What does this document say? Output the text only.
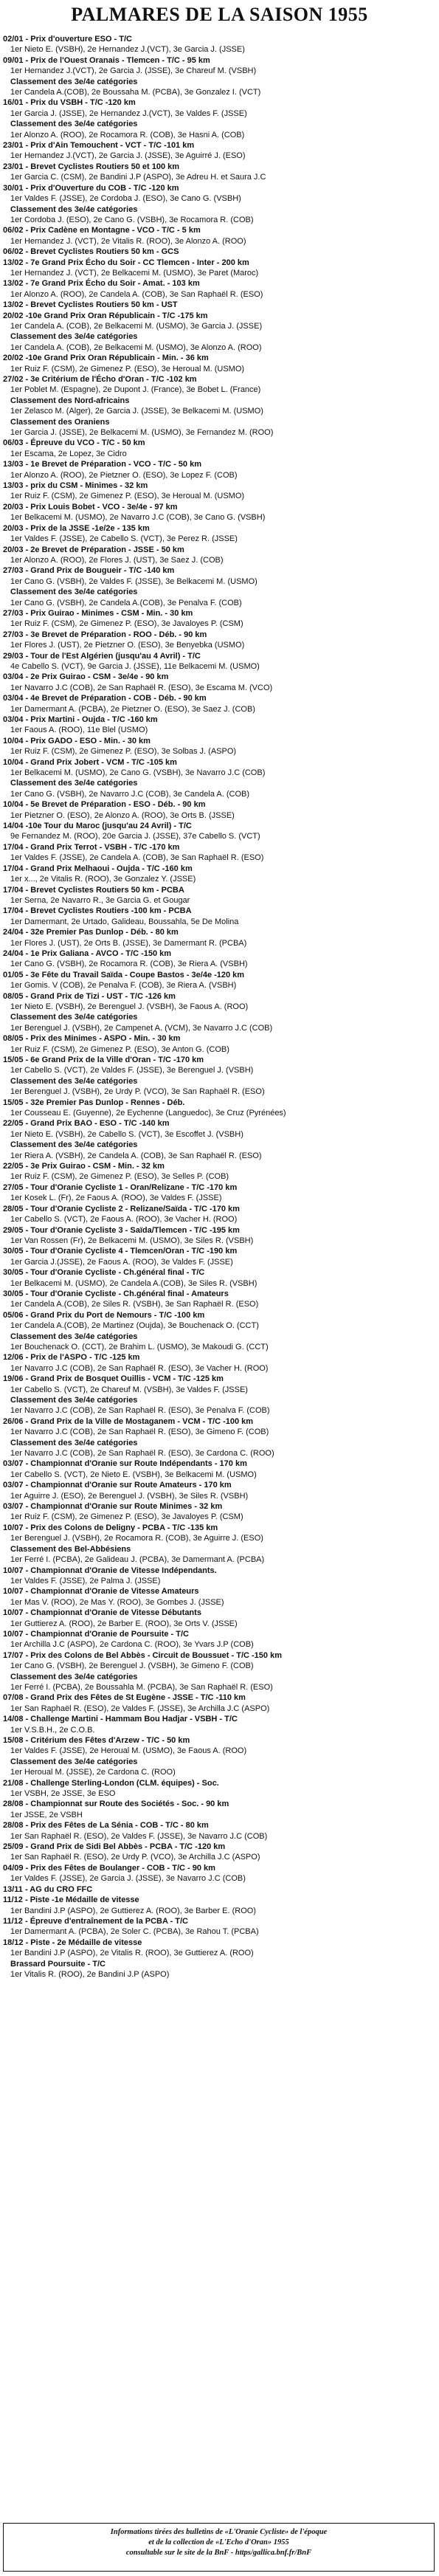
PALMARES DE LA SAISON 1955
02/01 - Prix d'ouverture ESO - T/C
1er Nieto E. (VSBH), 2e Hernandez J.(VCT), 3e Garcia J. (JSSE)
09/01 - Prix de l'Ouest Oranais - Tlemcen - T/C - 95 km
1er Hernandez J.(VCT), 2e Garcia J. (JSSE), 3e Chareuf M. (VSBH)
Classement des 3e/4e catégories
1er Candela A.(COB), 2e Boussaha M. (PCBA), 3e Gonzalez I. (VCT)
16/01 - Prix du VSBH - T/C -120 km
1er Garcia J. (JSSE), 2e Hernandez J.(VCT), 3e Valdes F. (JSSE)
Classement des 3e/4e catégories
1er Alonzo A. (ROO), 2e Rocamora R. (COB), 3e Hasni A. (COB)
23/01 - Prix d'Ain Temouchent - VCT - T/C -101 km
1er Hernandez J.(VCT), 2e Garcia J. (JSSE), 3e Aguirré J. (ESO)
23/01 - Brevet Cyclistes Routiers 50 et 100 km
1er Garcia C. (CSM), 2e Bandini J.P (ASPO), 3e Adreu H. et Saura J.C
30/01 - Prix d'Ouverture du COB - T/C -120 km
1er Valdes F. (JSSE), 2e Cordoba J. (ESO), 3e Cano G. (VSBH)
Classement des 3e/4e catégories
1er Cordoba J. (ESO), 2e Cano G. (VSBH), 3e Rocamora R. (COB)
06/02 - Prix Cadène en Montagne - VCO - T/C - 5 km
1er Hernandez J. (VCT), 2e Vitalis R. (ROO), 3e Alonzo A. (ROO)
06/02 - Brevet Cyclistes Routiers 50 km - GCS
13/02 - 7e Grand Prix Écho du Soir - CC Tlemcen - Inter - 200 km
1er Hernandez J. (VCT), 2e Belkacemi M. (USMO), 3e Paret (Maroc)
13/02 - 7e Grand Prix Écho du Soir - Amat. - 103 km
1er Alonzo A. (ROO), 2e Candela A. (COB), 3e San Raphaël R. (ESO)
13/02 - Brevet Cyclistes Routiers 50 km - UST
20/02 -10e Grand Prix Oran Républicain - T/C -175 km
1er Candela A. (COB), 2e Belkacemi M. (USMO), 3e Garcia J. (JSSE)
Classement des 3e/4e catégories
1er Candela A. (COB), 2e Belkacemi M. (USMO), 3e Alonzo A. (ROO)
20/02 -10e Grand Prix Oran Républicain - Min. - 36 km
1er Ruiz F. (CSM), 2e Gimenez P. (ESO), 3e Heroual M. (USMO)
27/02 - 3e Critérium de l'Écho d'Oran - T/C -102 km
1er Poblet M. (Espagne), 2e Dupont J. (France), 3e Bobet L. (France)
Classement des Nord-africains
1er Zelasco M. (Alger), 2e Garcia J. (JSSE), 3e Belkacemi M. (USMO)
Classement des Oraniens
1er Garcia J. (JSSE), 2e Belkacemi M. (USMO), 3e Fernandez M. (ROO)
06/03 - Épreuve du VCO - T/C - 50 km
1er Escama, 2e Lopez, 3e Cidro
13/03 - 1e Brevet de Préparation - VCO - T/C - 50 km
1er Alonzo A. (ROO), 2e Pietzner O. (ESO), 3e Lopez F. (COB)
13/03 - prix du CSM - Minimes - 32 km
1er Ruiz F. (CSM), 2e Gimenez P. (ESO), 3e Heroual M. (USMO)
20/03 - Prix Louis Bobet - VCO - 3e/4e - 97 km
1er Belkacemi M. (USMO), 2e Navarro J.C (COB), 3e Cano G. (VSBH)
20/03 - Prix de la JSSE -1e/2e - 135 km
1er Valdes F. (JSSE), 2e Cabello S. (VCT), 3e Perez R. (JSSE)
20/03 - 2e Brevet de Préparation - JSSE - 50 km
1er Alonzo A. (ROO), 2e Flores J. (UST), 3e Saez J. (COB)
27/03 - Grand Prix de Bougueir - T/C -140 km
1er Cano G. (VSBH), 2e Valdes F. (JSSE), 3e Belkacemi M. (USMO)
Classement des 3e/4e catégories
1er Cano G. (VSBH), 2e Candela A.(COB), 3e Penalva F. (COB)
27/03 - Prix Guirao - Minimes - CSM - Min. - 30 km
1er Ruiz F. (CSM), 2e Gimenez P. (ESO), 3e Javaloyes P. (CSM)
27/03 - 3e Brevet de Préparation - ROO - Déb. - 90 km
1er Flores J. (UST), 2e Pietzner O. (ESO), 3e Benyebka (USMO)
29/03 - Tour de l'Est Algérien (jusqu'au 4 Avril) - T/C
4e Cabello S. (VCT), 9e Garcia J. (JSSE), 11e Belkacemi M. (USMO)
03/04 - 2e Prix Guirao - CSM - 3e/4e - 90 km
1er Navarro J.C (COB), 2e San Raphaël R. (ESO), 3e Escama M. (VCO)
03/04 - 4e Brevet de Préparation - COB - Déb. - 90 km
1er Damermant A. (PCBA), 2e Pietzner O. (ESO), 3e Saez J. (COB)
03/04 - Prix Martini - Oujda - T/C -160 km
1er Faous A. (ROO), 11e Blel (USMO)
10/04 - Prix GADO - ESO - Min. - 30 km
1er Ruiz F. (CSM), 2e Gimenez P. (ESO), 3e Solbas J. (ASPO)
10/04 - Grand Prix Jobert - VCM - T/C -105 km
1er Belkacemi M. (USMO), 2e Cano G. (VSBH), 3e Navarro J.C (COB)
Classement des 3e/4e catégories
1er Cano G. (VSBH), 2e Navarro J.C (COB), 3e Candela A. (COB)
10/04 - 5e Brevet de Préparation - ESO - Déb. - 90 km
1er Pietzner O. (ESO), 2e Alonzo A. (ROO), 3e Orts B. (JSSE)
14/04 -10e Tour du Maroc (jusqu'au 24 Avril) - T/C
9e Fernandez M. (ROO), 20e Garcia J. (JSSE), 37e Cabello S. (VCT)
17/04 - Grand Prix Terrot - VSBH - T/C -170 km
1er Valdes F. (JSSE), 2e Candela A. (COB), 3e San Raphaël R. (ESO)
17/04 - Grand Prix Melhaoui - Oujda - T/C -160 km
1er x..., 2e Vitalis R. (ROO), 3e Gonzalez Y. (JSSE)
17/04 - Brevet Cyclistes Routiers 50 km - PCBA
1er Serna, 2e Navarro R., 3e Garcia G. et Gougar
17/04 - Brevet Cyclistes Routiers -100 km - PCBA
1er Damermant, 2e Urtado, Galideau, Boussahla, 5e De Molina
24/04 - 32e Premier Pas Dunlop - Déb. - 80 km
1er Flores J. (UST), 2e Orts B. (JSSE), 3e Damermant R. (PCBA)
24/04 - 1e Prix Galiana - AVCO - T/C -150 km
1er Cano G. (VSBH), 2e Rocamora R. (COB), 3e Riera A. (VSBH)
01/05 - 3e Fête du Travail Saïda - Coupe Bastos - 3e/4e -120 km
1er Gomis. V (COB), 2e Penalva F. (COB), 3e Riera A. (VSBH)
08/05 - Grand Prix de Tizi - UST - T/C -126 km
1er Nieto E. (VSBH), 2e Berenguel J. (VSBH), 3e Faous A. (ROO)
Classement des 3e/4e catégories
1er Berenguel J. (VSBH), 2e Campenet A. (VCM), 3e Navarro J.C (COB)
08/05 - Prix des Minimes - ASPO - Min. - 30 km
1er Ruiz F. (CSM), 2e Gimenez P. (ESO), 3e Anton G. (COB)
15/05 - 6e Grand Prix de la Ville d'Oran - T/C -170 km
1er Cabello S. (VCT), 2e Valdes F. (JSSE), 3e Berenguel J. (VSBH)
Classement des 3e/4e catégories
1er Berenguel J. (VSBH), 2e Urdy P. (VCO), 3e San Raphaël R. (ESO)
15/05 - 32e Premier Pas Dunlop - Rennes - Déb.
1er Cousseau E. (Guyenne), 2e Eychenne (Languedoc), 3e Cruz (Pyrénées)
22/05 - Grand Prix BAO - ESO - T/C -140 km
1er Nieto E. (VSBH), 2e Cabello S. (VCT), 3e Escoffet J. (VSBH)
Classement des 3e/4e catégories
1er Riera A. (VSBH), 2e Candela A. (COB), 3e San Raphaël R. (ESO)
22/05 - 3e Prix Guirao - CSM - Min. - 32 km
1er Ruiz F. (CSM), 2e Gimenez P. (ESO), 3e Selles P. (COB)
27/05 - Tour d'Oranie Cycliste 1 - Oran/Relizane - T/C -170 km
1er Kosek L. (Fr), 2e Faous A. (ROO), 3e Valdes F. (JSSE)
28/05 - Tour d'Oranie Cycliste 2 - Relizane/Saïda - T/C -170 km
1er Cabello S. (VCT), 2e Faous A. (ROO), 3e Vacher H. (ROO)
29/05 - Tour d'Oranie Cycliste 3 - Saïda/Tlemcen - T/C -195 km
1er Van Rossen (Fr), 2e Belkacemi M. (USMO), 3e Siles R. (VSBH)
30/05 - Tour d'Oranie Cycliste 4 - Tlemcen/Oran - T/C -190 km
1er Garcia J.(JSSE), 2e Faous A. (ROO), 3e Valdes F. (JSSE)
30/05 - Tour d'Oranie Cycliste - Ch.général final - T/C
1er Belkacemi M. (USMO), 2e Candela A.(COB), 3e Siles R. (VSBH)
30/05 - Tour d'Oranie Cycliste - Ch.général final - Amateurs
1er Candela A.(COB), 2e Siles R. (VSBH), 3e San Raphaël R. (ESO)
05/06 - Grand Prix du Port de Nemours - T/C -100 km
1er Candela A.(COB), 2e Martinez (Oujda), 3e Bouchenack O. (CCT)
Classement des 3e/4e catégories
1er Bouchenack O. (CCT), 2e Brahim L. (USMO), 3e Makoudi G. (CCT)
12/06 - Prix de l'ASPO - T/C -125 km
1er Navarro J.C (COB), 2e San Raphaël R. (ESO), 3e Vacher H. (ROO)
19/06 - Grand Prix de Bosquet Ouillis - VCM - T/C -125 km
1er Cabello S. (VCT), 2e Chareuf M. (VSBH), 3e Valdes F. (JSSE)
Classement des 3e/4e catégories
1er Navarro J.C (COB), 2e San Raphaël R. (ESO), 3e Penalva F. (COB)
26/06 - Grand Prix de la Ville de Mostaganem - VCM - T/C -100 km
1er Navarro J.C (COB), 2e San Raphaël R. (ESO), 3e Gimeno F. (COB)
Classement des 3e/4e catégories
1er Navarro J.C (COB), 2e San Raphaël R. (ESO), 3e Cardona C. (ROO)
03/07 - Championnat d'Oranie sur Route Indépendants - 170 km
1er Cabello S. (VCT), 2e Nieto E. (VSBH), 3e Belkacemi M. (USMO)
03/07 - Championnat d'Oranie sur Route Amateurs - 170 km
1er Aguirre J. (ESO), 2e Berenguel J. (VSBH), 3e Siles R. (VSBH)
03/07 - Championnat d'Oranie sur Route Minimes - 32 km
1er Ruiz F. (CSM), 2e Gimenez P. (ESO), 3e Javaloyes P. (CSM)
10/07 - Prix des Colons de Deligny - PCBA - T/C -135 km
1er Berenguel J. (VSBH), 2e Rocamora R. (COB), 3e Aguirre J. (ESO)
Classement des Bel-Abbésiens
1er Ferré I. (PCBA), 2e Galideau J. (PCBA), 3e Damermant A. (PCBA)
10/07 - Championnat d'Oranie de Vitesse Indépendants.
1er Valdes F. (JSSE), 2e Palma J. (JSSE)
10/07 - Championnat d'Oranie de Vitesse Amateurs
1er Mas V. (ROO), 2e Mas Y. (ROO), 3e Gombes J. (JSSE)
10/07 - Championnat d'Oranie de Vitesse Débutants
1er Guttierez A. (ROO), 2e Barber E. (ROO), 3e Orts V. (JSSE)
10/07 - Championnat d'Oranie de Poursuite - T/C
1er Archilla J.C (ASPO), 2e Cardona C. (ROO), 3e Yvars J.P (COB)
17/07 - Prix des Colons de Bel Abbès - Circuit de Boussuet - T/C -150 km
1er Cano G. (VSBH), 2e Berenguel J. (VSBH), 3e Gimeno F. (COB)
Classement des 3e/4e catégories
1er Ferré I. (PCBA), 2e Boussahla M. (PCBA), 3e San Raphaël R. (ESO)
07/08 - Grand Prix des Fêtes de St Eugène - JSSE - T/C -110 km
1er San Raphaël R. (ESO), 2e Valdes F. (JSSE), 3e Archilla J.C (ASPO)
14/08 - Challenge Martini - Hammam Bou Hadjar - VSBH - T/C
1er V.S.B.H., 2e C.O.B.
15/08 - Critérium des Fêtes d'Arzew - T/C - 50 km
1er Valdes F. (JSSE), 2e Heroual M. (USMO), 3e Faous A. (ROO)
Classement des 3e/4e catégories
1er Heroual M. (JSSE), 2e Cardona C. (ROO)
21/08 - Challenge Sterling-London (CLM. équipes) - Soc.
1er VSBH, 2e JSSE, 3e ESO
28/08 - Championnat sur Route des Sociétés - Soc. - 90 km
1er JSSE, 2e VSBH
28/08 - Prix des Fêtes de La Sénia - COB - T/C - 80 km
1er San Raphaël R. (ESO), 2e Valdes F. (JSSE), 3e Navarro J.C (COB)
25/09 - Grand Prix de Sidi Bel Abbès - PCBA - T/C -120 km
1er San Raphaël R. (ESO), 2e Urdy P. (VCO), 3e Archilla J.C (ASPO)
04/09 - Prix des Fêtes de Boulanger - COB - T/C - 90 km
1er Valdes F. (JSSE), 2e Garcia J. (JSSE), 3e Navarro J.C (COB)
13/11 - AG du CRO FFC
11/12 - Piste -1e Médaille de vitesse
1er Bandini J.P (ASPO), 2e Guttierez A. (ROO), 3e Barber E. (ROO)
11/12 - Épreuve d'entraînement de la PCBA - T/C
1er Damermant A. (PCBA), 2e Soler C. (PCBA), 3e Rahou T. (PCBA)
18/12 - Piste - 2e Médaille de vitesse
1er Bandini J.P (ASPO), 2e Vitalis R. (ROO), 3e Guttierez A. (ROO)
Brassard Poursuite - T/C
1er Vitalis R. (ROO), 2e Bandini J.P (ASPO)
Informations tirées des bulletins de «L'Oranie Cycliste» de l'époque
et de la collection de «L'Echo d'Oran» 1955
consultable sur le site de la BnF - https/gallica.bnf.fr/BnF
